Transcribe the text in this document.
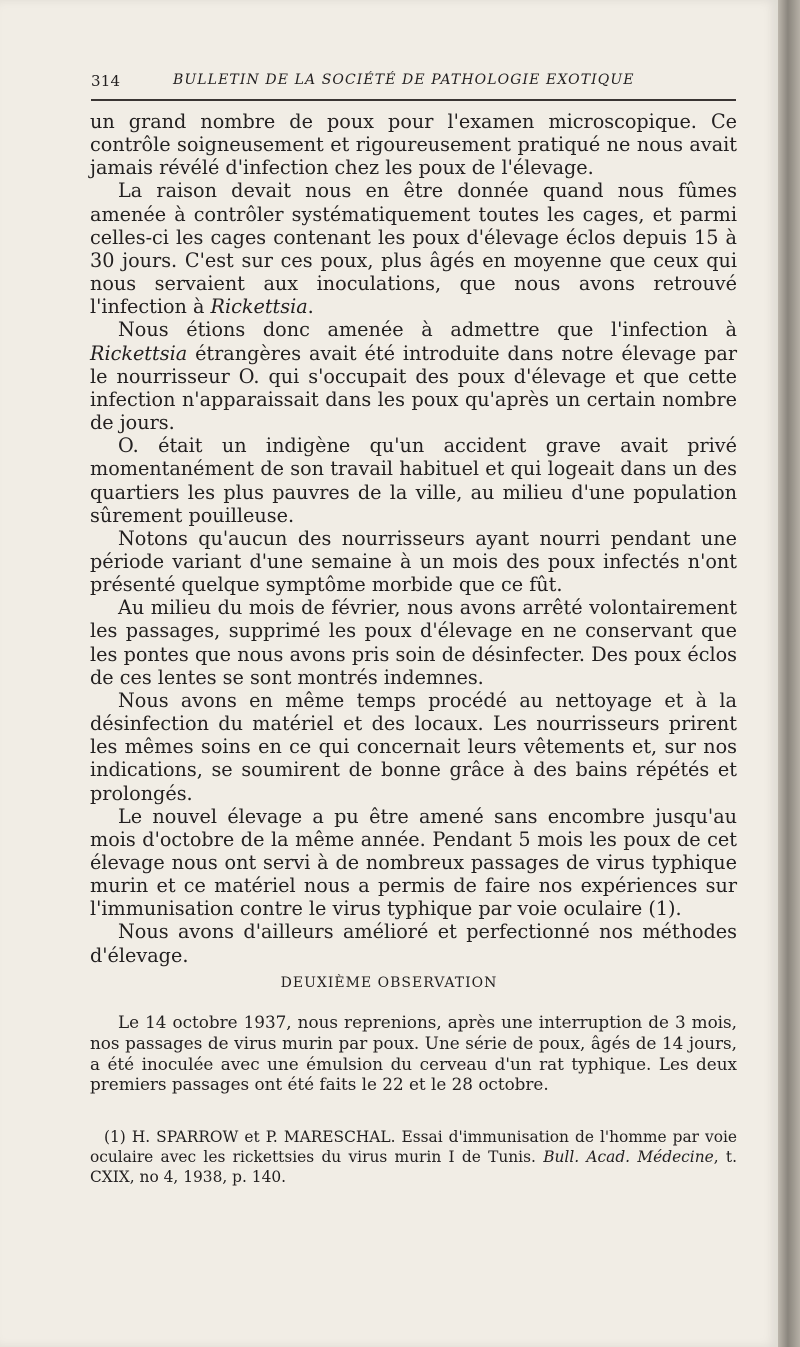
314	BULLETIN DE LA SOCIÉTÉ DE PATHOLOGIE EXOTIQUE

un grand nombre de poux pour l'examen microscopique. Ce contrôle soigneusement et rigoureusement pratiqué ne nous avait jamais révélé d'infection chez les poux de l'élevage.

La raison devait nous en être donnée quand nous fûmes amenée à contrôler systématiquement toutes les cages, et parmi celles-ci les cages contenant les poux d'élevage éclos depuis 15 à 30 jours. C'est sur ces poux, plus âgés en moyenne que ceux qui nous servaient aux inoculations, que nous avons retrouvé l'infection à Rickettsia.

Nous étions donc amenée à admettre que l'infection à Rickettsia étrangères avait été introduite dans notre élevage par le nourrisseur O. qui s'occupait des poux d'élevage et que cette infection n'apparaissait dans les poux qu'après un certain nombre de jours.

O. était un indigène qu'un accident grave avait privé momentanément de son travail habituel et qui logeait dans un des quartiers les plus pauvres de la ville, au milieu d'une population sûrement pouilleuse.

Notons qu'aucun des nourrisseurs ayant nourri pendant une période variant d'une semaine à un mois des poux infectés n'ont présenté quelque symptôme morbide que ce fût.

Au milieu du mois de février, nous avons arrêté volontairement les passages, supprimé les poux d'élevage en ne conservant que les pontes que nous avons pris soin de désinfecter. Des poux éclos de ces lentes se sont montrés indemnes.

Nous avons en même temps procédé au nettoyage et à la désinfection du matériel et des locaux. Les nourrisseurs prirent les mêmes soins en ce qui concernait leurs vêtements et, sur nos indications, se soumirent de bonne grâce à des bains répétés et prolongés.

Le nouvel élevage a pu être amené sans encombre jusqu'au mois d'octobre de la même année. Pendant 5 mois les poux de cet élevage nous ont servi à de nombreux passages de virus typhique murin et ce matériel nous a permis de faire nos expériences sur l'immunisation contre le virus typhique par voie oculaire (1).

Nous avons d'ailleurs amélioré et perfectionné nos méthodes d'élevage.

DEUXIÈME OBSERVATION

Le 14 octobre 1937, nous reprenions, après une interruption de 3 mois, nos passages de virus murin par poux. Une série de poux, âgés de 14 jours, a été inoculée avec une émulsion du cerveau d'un rat typhique. Les deux premiers passages ont été faits le 22 et le 28 octobre.

(1) H. SPARROW et P. MARESCHAL. Essai d'immunisation de l'homme par voie oculaire avec les rickettsies du virus murin I de Tunis. Bull. Acad. Médecine, t. CXIX, no 4, 1938, p. 140.
